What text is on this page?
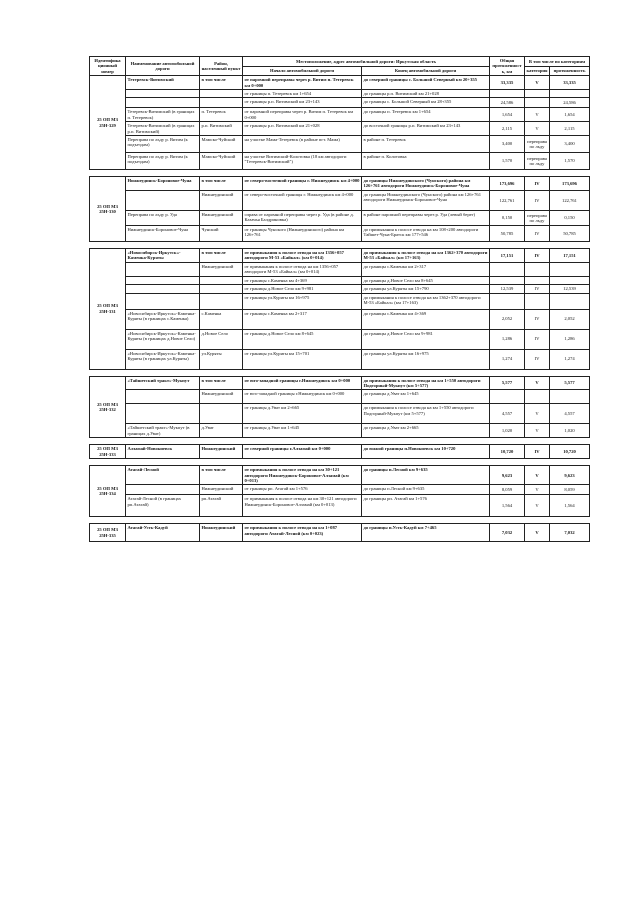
Идентифика ционный номер	Наименование автомобильной дороги	Район, населенный пункт	Местоположение, адрес автомобильной дороги: Иркутская область		Общая протяженность, км	В том числе по категориям	
			Начало автомобильной дороги	Конец автомобильной дороги		категория	протяженность
25 ОП МЗ 25Н-329	Тетеревск-Витимский	в том числе	от паромной переправы через р. Витим п. Тетеревск км 0+000	до северной границы с. Большой Северный км 20+355	33,335	V	33,335
			от границы п. Тетеревск км 1+654	до границы р.п. Витимский км 21+028			
			от границы р.п. Витимский км 23+143	до границы с. Большой Северный км 28+355	24,586		24,586
	Тетеревск-Витимский (в границах п. Тетеревск)	п. Тетеревск	от паромной переправы через р. Витим п. Тетеревск км 0+000	до границы п. Тетеревск км 1+654	1,654	V	1,654
	Тетеревск-Витимский (в границах р.п. Витимский)	р.п. Витимский	от границы р.п. Витимский км 21+028	до восточной границы р.п. Витимский км 23+143	2,115	V	2,115
	Переправа по льду р. Витим (к подъездам)	Мамско-Чуйский	на участке Мама-Тетеревск (в районе пгт. Мама)	в районе п. Тетеревск	3,400	переправа по льду	3,400
	Переправа по льду р. Витим (к подъездам)	Мамско-Чуйский	на участке Витимский-Колотовка (18 км автодороги "Тетеревск-Витимский")	в районе п. Колотовка	1,570	переправа по льду	1,570

25 ОП МЗ 25Н-330	Нижнеудинск-Бороновое-Чуна	в том числе	от северо-восточной границы г. Нижнеудинск км 4+000	до границы Нижнеудинского (Чунского) района км 126+761 автодороги Нижнеудинск-Бороновое-Чуна	173,696	IV	173,696
		Нижнеудинский	от северо-восточной границы г. Нижнеудинск км 4+000	до границы Нижнеудинского (Чунского) района км 126+761 автодороги Нижнеудинск-Бороновое-Чуна	122,761	IV	122,761
	Переправа по льду р. Уда	Нижнеудинский	справа от паромной переправы через р. Уда (в районе д. Казачья Балдриновка)	в районе паромной переправы через р. Уда (левый берег)	0,150	переправа по льду	0,150
	Нижнеудинск-Бороновое-Чуна	Чунский	от границы Чунского (Нижнеудинского) района км 126+761	до примыкания к полосе отвода на км 108+200 автодороги Тайшет-Чуна-Братск км 177+546	50,785	IV	50,785

25 ОП МЗ 25Н-331	«Новосибирск-Иркутск»-Каменка-Куряты	в том числе	от примыкания к полосе отвода на км 1356+057 автодороги М-53 «Байкал» (км 0+014)	до примыкания к полосе отвода на км 1362+370 автодороги М-53 «Байкал» (км 17+163)	17,151	IV	17,151
		Нижнеудинский	от примыкания к полосе отвода на км 1356+057 автодороги М-53 «Байкал» (км 0+014)	до границы с.Каменка км 2+317			
			от границы с.Каменка км 4+369	до границы д.Новое Село км 8+645			
			от границы д.Новое Село км 9+981	до границы ул.Куряты км 15+790	12,539	IV	12,539
			от границы ул.Куряты км 16+975	до примыкания к полосе отвода на км 1362+370 автодороги М-53 «Байкал» (км 17+163)			
	«Новосибирск-Иркутск»-Каменка-Куряты (в границах с.Каменка)	с.Каменка	от границы с.Каменка км 2+317	до границы с.Каменка км 4+369	2,052	IV	2,052
	«Новосибирск-Иркутск»-Каменка-Куряты (в границах д.Новое Село)	д.Новое Село	от границы д.Новое Село км 8+645	до границы д.Новое Село км 9+981	1,286	IV	1,286
	«Новосибирск-Иркутск»-Каменка-Куряты (в границах ул.Куряты)	ул.Куряты	от границы ул.Куряты км 15+701	до границы ул.Куряты км 16+975	1,274	IV	1,274

25 ОП МЗ 25Н-332	«Тайшетский тракт»-Мукпут	в том числе	от юго-западной границы г.Нижнеудинск км 0+000	до примыкания к полосе отвода на км 1+550 автодороги Подгорный-Мукпут (км 5+577)	5,577	V	5,577
		Нижнеудинский	от юго-западной границы г.Нижнеудинск км 0+000	до границы д.Уват км 1+645			
			от границы д.Уват км 2+665	до примыкания к полосе отвода на км 1+550 автодороги Подгорный-Мукпут (км 5+577)	4,557	V	4,557
	«Тайшетский тракт»-Мукпут (в границах д.Уват)	д.Уват	от границы д.Уват км 1+645	до границы д.Уват км 2+665	1,020	V	1,020

25 ОП МЗ 25Н-333	Алзамай-Новокиевск	Нижнеудинский	от северной границы г.Алзамай км 0+000	до южной границы п.Новокиевск км 10+720	10,720	IV	10,720

25 ОП МЗ 25Н-334	Атагай-Лесной	в том числе	от примыкания к полосе отвода на км 30+121 автодороги Нижнеудинск-Бороновое-Алзамай (км 0+013)	до границы п.Лесной км 9+635	9,623	V	9,623
		Нижнеудинский	от границы рп. Атагай км 1+576	до границы п.Лесной км 9+635	8,059	V	8,059
	Атагай-Лесной (в границах рп.Атагай)	рп.Атагай	от примыкания к полосе отвода на км 30+121 автодороги Нижнеудинск-Бороновое-Алзамай (км 0+013)	до границы рп. Атагай км 1+576	1,564	V	1,564

25 ОП МЗ 25Н-335	Атагай-Усть-Кадуй	Нижнеудинский	от примыкания к полосе отвода на км 1+087 автодороги Атагай-Лесной (км 0+023)	до границы п.Усть-Кадуй км 7+465	7,032	V	7,032
